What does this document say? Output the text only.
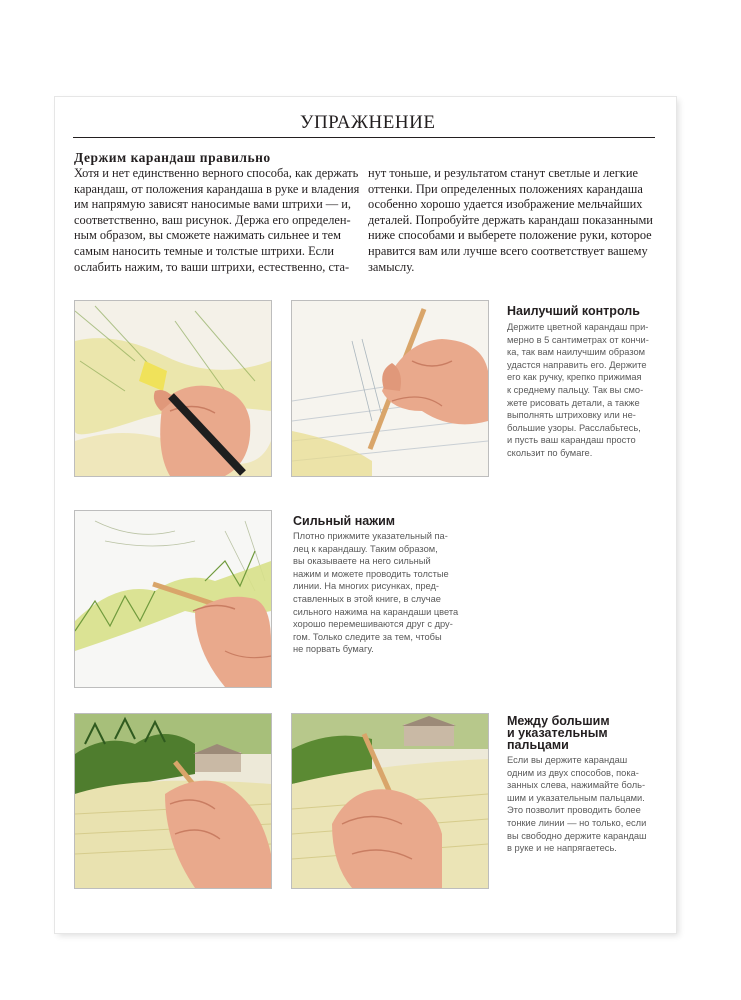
УПРАЖНЕНИЕ
Держим карандаш правильно
Хотя и нет единственно верного способа, как держать
карандаш, от положения карандаша в руке и владения
им напрямую зависят наносимые вами штрихи — и,
соответственно, ваш рисунок. Держа его определен-
ным образом, вы сможете нажимать сильнее и тем
самым наносить темные и толстые штрихи. Если
ослабить нажим, то ваши штрихи, естественно, ста-
нут тоньше, и результатом станут светлые и легкие
оттенки. При определенных положениях карандаша
особенно хорошо удается изображение мельчайших
деталей. Попробуйте держать карандаш показанными
ниже способами и выберете положение руки, которое
нравится вам или лучше всего соответствует вашему
замыслу.
Наилучший контроль
Держите цветной карандаш при-
мерно в 5 сантиметрах от кончи-
ка, так вам наилучшим образом
удастся направить его. Держите
его как ручку, крепко прижимая
к среднему пальцу. Так вы смо-
жете рисовать детали, а также
выполнять штриховку или не-
большие узоры. Расслабьтесь,
и пусть ваш карандаш просто
скользит по бумаге.
Сильный нажим
Плотно прижмите указательный па-
лец к карандашу. Таким образом,
вы оказываете на него сильный
нажим и можете проводить толстые
линии. На многих рисунках, пред-
ставленных в этой книге, в случае
сильного нажима на карандаши цвета
хорошо перемешиваются друг с дру-
гом. Только следите за тем, чтобы
не порвать бумагу.
Между большим
и указательным
пальцами
Если вы держите карандаш
одним из двух способов, пока-
занных слева, нажимайте боль-
шим и указательным пальцами.
Это позволит проводить более
тонкие линии — но только, если
вы свободно держите карандаш
в руке и не напрягаетесь.
